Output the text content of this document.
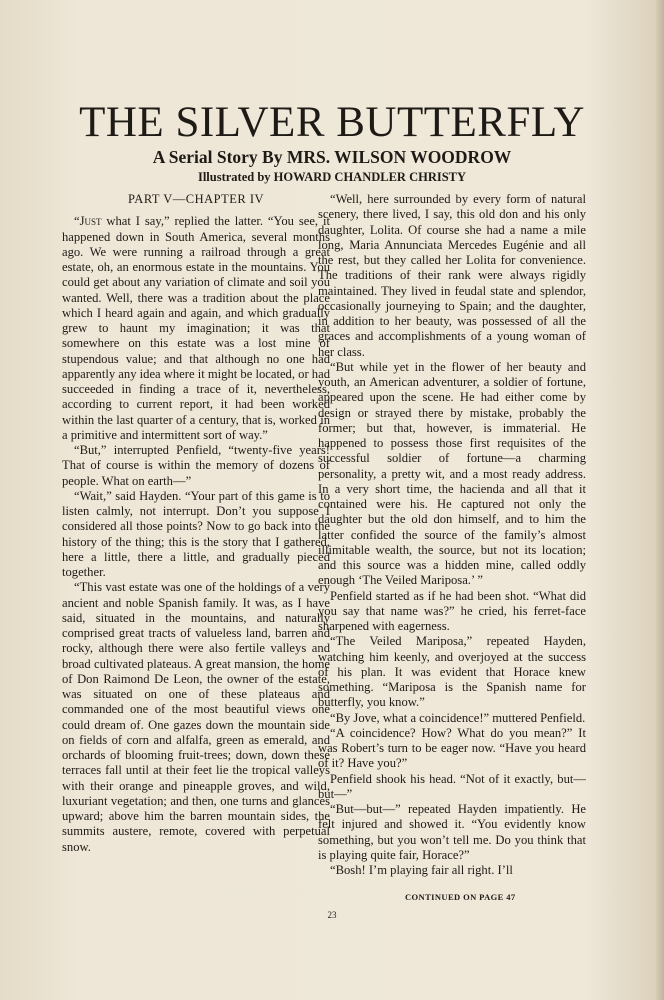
THE SILVER BUTTERFLY

A Serial Story By MRS. WILSON WOODROW

Illustrated by HOWARD CHANDLER CHRISTY

PART V—CHAPTER IV

“Just what I say,” replied the latter. “You see, it happened down in South America, several months ago. We were running a railroad through a great estate, oh, an enormous estate in the mountains. You could get about any variation of climate and soil you wanted. Well, there was a tradition about the place which I heard again and again, and which gradually grew to haunt my imagination; it was that somewhere on this estate was a lost mine of stupendous value; and that although no one had apparently any idea where it might be located, or had succeeded in finding a trace of it, nevertheless, according to current report, it had been worked within the last quarter of a century, that is, worked in a primitive and intermittent sort of way.”

“But,” interrupted Penfield, “twenty-five years! That of course is within the memory of dozens of people. What on earth—”

“Wait,” said Hayden. “Your part of this game is to listen calmly, not interrupt. Don’t you suppose I considered all those points? Now to go back into the history of the thing; this is the story that I gathered, here a little, there a little, and gradually pieced together.

“This vast estate was one of the holdings of a very ancient and noble Spanish family. It was, as I have said, situated in the mountains, and naturally comprised great tracts of valueless land, barren and rocky, although there were also fertile valleys and broad cultivated plateaus. A great mansion, the home of Don Raimond De Leon, the owner of the estate, was situated on one of these plateaus and commanded one of the most beautiful views one could dream of. One gazes down the mountain side on fields of corn and alfalfa, green as emerald, and orchards of blooming fruit-trees; down, down these terraces fall until at their feet lie the tropical valleys with their orange and pineapple groves, and wild, luxuriant vegetation; and then, one turns and glances upward; above him the barren mountain sides, the summits austere, remote, covered with perpetual snow.

“Well, here surrounded by every form of natural scenery, there lived, I say, this old don and his only daughter, Lolita. Of course she had a name a mile long, Maria Annunciata Mercedes Eugénie and all the rest, but they called her Lolita for convenience. The traditions of their rank were always rigidly maintained. They lived in feudal state and splendor, occasionally journeying to Spain; and the daughter, in addition to her beauty, was possessed of all the graces and accomplishments of a young woman of her class.

“But while yet in the flower of her beauty and youth, an American adventurer, a soldier of fortune, appeared upon the scene. He had either come by design or strayed there by mistake, probably the former; but that, however, is immaterial. He happened to possess those first requisites of the successful soldier of fortune—a charming personality, a pretty wit, and a most ready address. In a very short time, the hacienda and all that it contained were his. He captured not only the daughter but the old don himself, and to him the latter confided the source of the family’s almost illimitable wealth, the source, but not its location; and this source was a hidden mine, called oddly enough ‘The Veiled Mariposa.’ ”

Penfield started as if he had been shot. “What did you say that name was?” he cried, his ferret-face sharpened with eagerness.

“The Veiled Mariposa,” repeated Hayden, watching him keenly, and overjoyed at the success of his plan. It was evident that Horace knew something. “Mariposa is the Spanish name for butterfly, you know.”

“By Jove, what a coincidence!” muttered Penfield.

“A coincidence? How? What do you mean?” It was Robert’s turn to be eager now. “Have you heard of it? Have you?”

Penfield shook his head. “Not of it exactly, but—but—”

“But—but—” repeated Hayden impatiently. He felt injured and showed it. “You evidently know something, but you won’t tell me. Do you think that is playing quite fair, Horace?”

“Bosh! I’m playing fair all right. I’ll

CONTINUED ON PAGE 47
23
